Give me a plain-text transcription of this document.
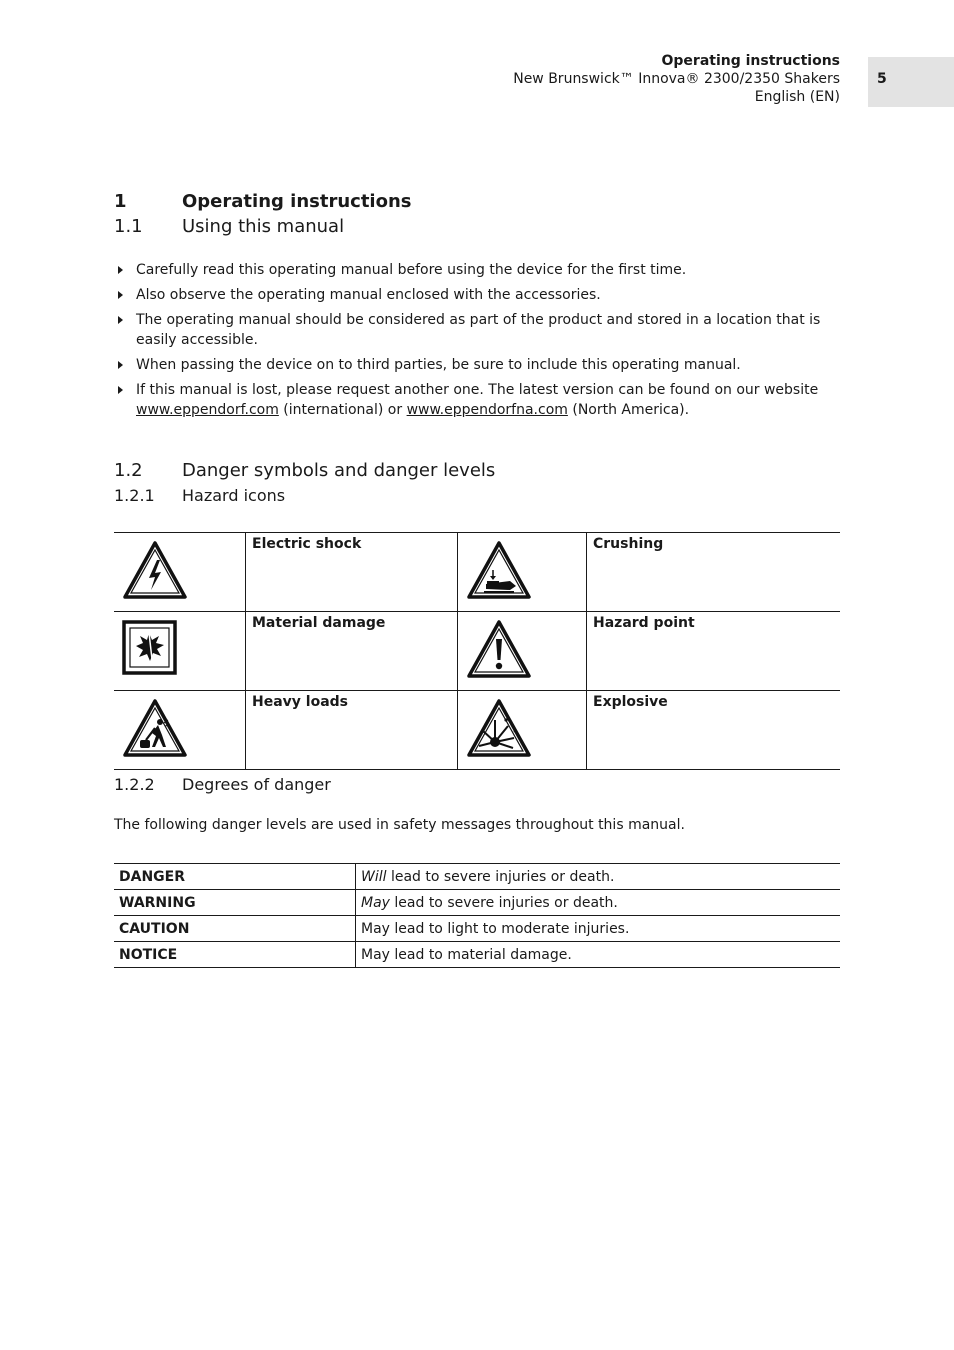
Operating instructions
New Brunswick™ Innova® 2300/2350 Shakers
English (EN)
5
1	Operating instructions
1.1 Using this manual
Carefully read this operating manual before using the device for the first time.
Also observe the operating manual enclosed with the accessories.
The operating manual should be considered as part of the product and stored in a location that is easily accessible.
When passing the device on to third parties, be sure to include this operating manual.
If this manual is lost, please request another one. The latest version can be found on our website www.eppendorf.com (international) or www.eppendorfna.com (North America).
1.2 Danger symbols and danger levels
1.2.1 Hazard icons
	Electric shock		Crushing

	Material damage		Hazard point

	Heavy loads		Explosive
1.2.2 Degrees of danger
The following danger levels are used in safety messages throughout this manual.
DANGER	Will lead to severe injuries or death.
WARNING	May lead to severe injuries or death.
CAUTION	May lead to light to moderate injuries.
NOTICE	May lead to material damage.
